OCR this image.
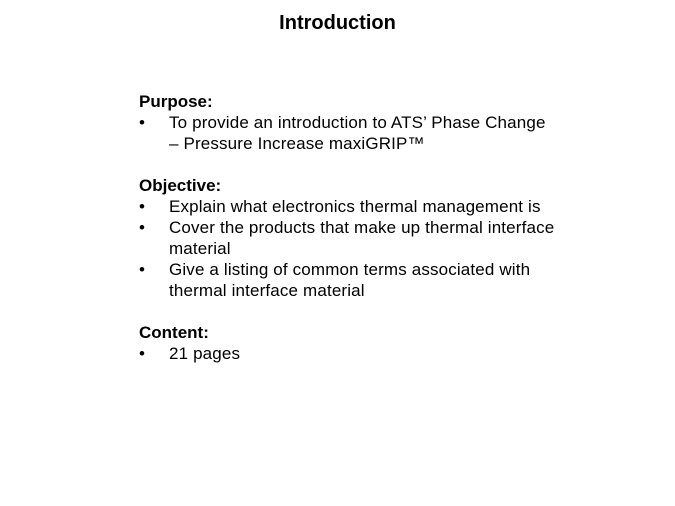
Introduction

Purpose:

• To provide an introduction to ATS’ Phase Change – Pressure Increase maxiGRIP™

Objective:

• Explain what electronics thermal management is
• Cover the products that make up thermal interface material
• Give a listing of common terms associated with thermal interface material

Content:

• 21 pages
